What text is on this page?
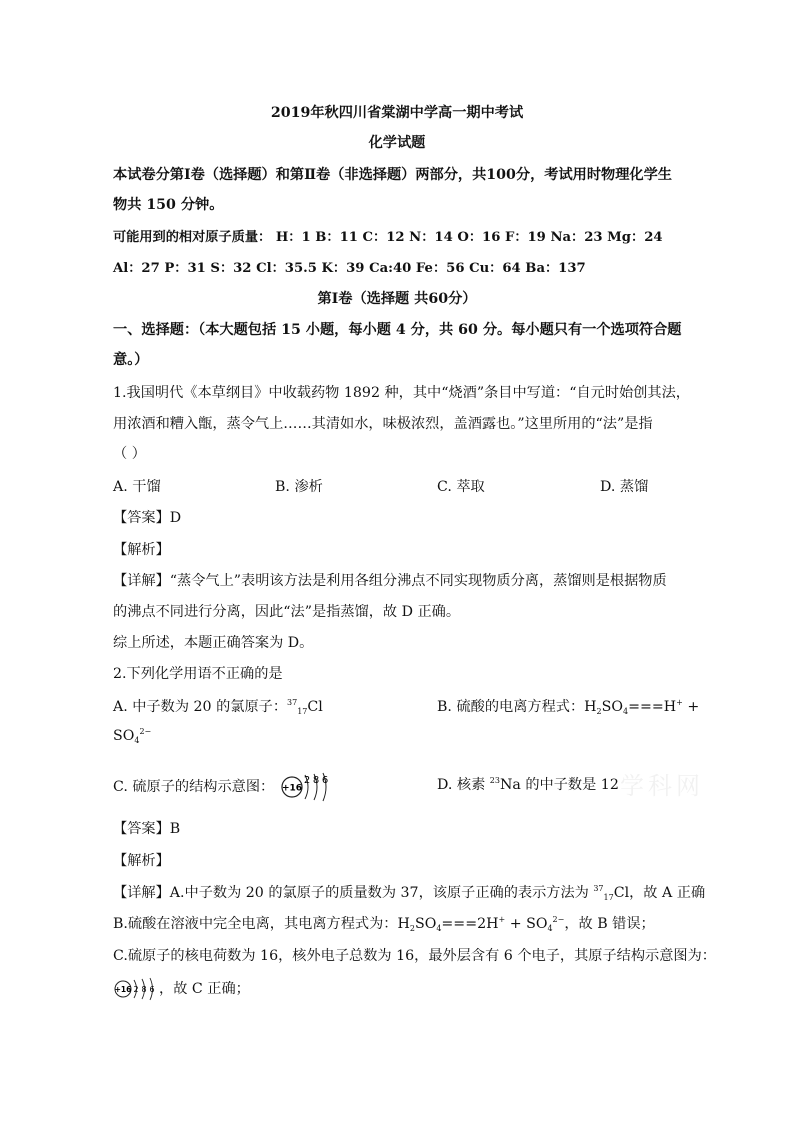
2019年秋四川省棠湖中学高一期中考试
化学试题
本试卷分第Ⅰ卷（选择题）和第Ⅱ卷（非选择题）两部分，共100分，考试用时物理化学生
物共 150 分钟。
可能用到的相对原子质量： H：1 B：11 C：12 N：14 O：16 F：19 Na：23 Mg：24
Al：27 P：31 S：32 Cl：35.5 K：39 Ca:40 Fe：56 Cu：64 Ba：137
第Ⅰ卷（选择题 共60分）
一、选择题：（本大题包括 15 小题，每小题 4 分，共 60 分。每小题只有一个选项符合题
意。）
1.我国明代《本草纲目》中收载药物 1892 种，其中“烧酒”条目中写道：“自元时始创其法，
用浓酒和糟入甑，蒸令气上……其清如水，味极浓烈，盖酒露也。”这里所用的“法”是指
（ ）
A. 干馏	B. 渗析	C. 萃取	D. 蒸馏
【答案】D
【解析】
【详解】“蒸令气上”表明该方法是利用各组分沸点不同实现物质分离，蒸馏则是根据物质
的沸点不同进行分离，因此“法”是指蒸馏，故 D 正确。
综上所述，本题正确答案为 D。
2.下列化学用语不正确的是
A. 中子数为 20 的氯原子：$^{37}_{17}$Cl	B. 硫酸的电离方程式：$H_2SO_4===H^+$ +
$SO_4^{2-}$
C. 硫原子的结构示意图： +16
2 8 6	D. 核素 $^{23}$Na 的中子数是 12 学科网
【答案】B
【解析】
【详解】A.中子数为 20 的氯原子的质量数为 37，该原子正确的表示方法为 $^{37}_{17}$Cl，故 A 正确
B.硫酸在溶液中完全电离，其电离方程式为：$H_2SO_4===2H^+ + SO_4^{2-}$，故 B 错误；
C.硫原子的核电荷数为 16，核外电子总数为 16，最外层含有 6 个电子，其原子结构示意图为：
+16 2 8 6 ，故 C 正确；
